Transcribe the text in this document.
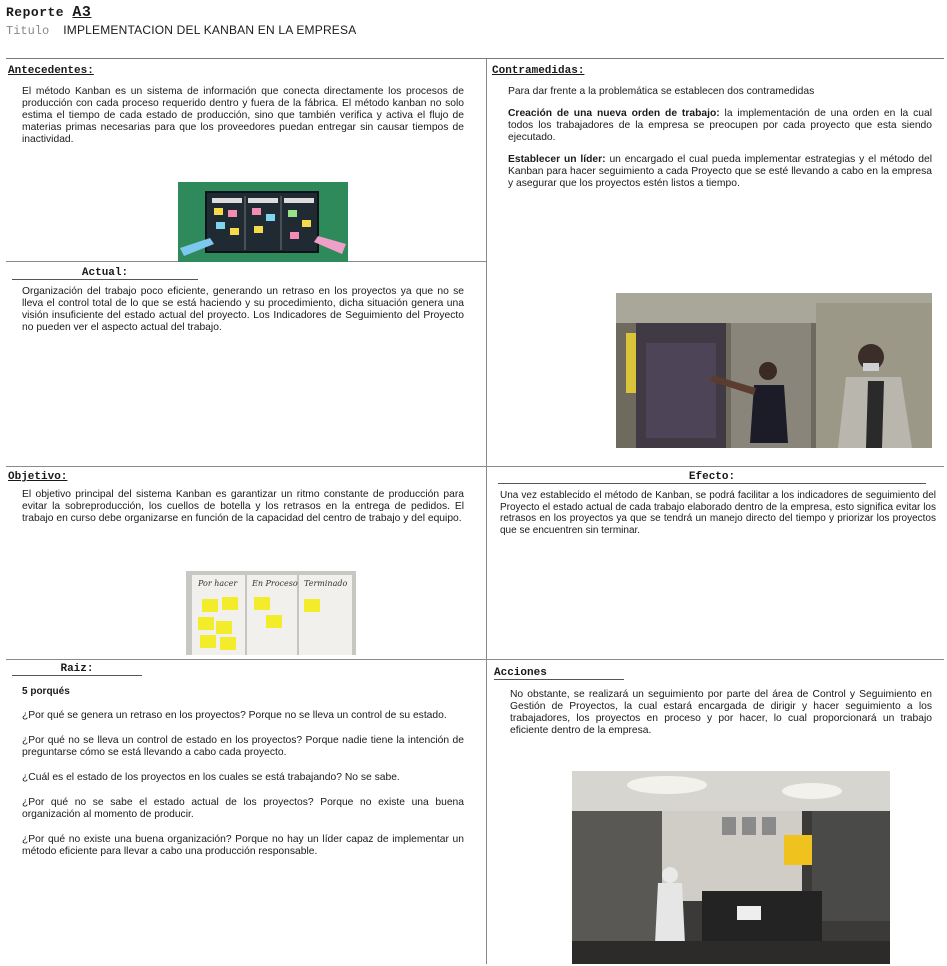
Reporte A3
Titulo IMPLEMENTACION DEL KANBAN EN LA EMPRESA
Antecedentes:
El método Kanban es un sistema de información que conecta directamente los procesos de producción con cada proceso requerido dentro y fuera de la fábrica. El método kanban no solo estima el tiempo de cada estado de producción, sino que también verifica y activa el flujo de materias primas necesarias para que los proveedores puedan entregar sin causar tiempos de inactividad.
Contramedidas:
Para dar frente a la problemática se establecen dos contramedidas
Creación de una nueva orden de trabajo: la implementación de una orden en la cual todos los trabajadores de la empresa se preocupen por cada proyecto que esta siendo ejecutado.
Establecer un líder: un encargado el cual pueda implementar estrategias y el método del Kanban para hacer seguimiento a cada Proyecto que se esté llevando a cabo en la empresa y asegurar que los proyectos estén listos a tiempo.
Actual:
Organización del trabajo poco eficiente, generando un retraso en los proyectos ya que no se lleva el control total de lo que se está haciendo y su procedimiento, dicha situación genera una visión insuficiente del estado actual del proyecto. Los Indicadores de Seguimiento del Proyecto no pueden ver el aspecto actual del trabajo.
Objetivo:
El objetivo principal del sistema Kanban es garantizar un ritmo constante de producción para evitar la sobreproducción, los cuellos de botella y los retrasos en la entrega de pedidos. El trabajo en curso debe organizarse en función de la capacidad del centro de trabajo y del equipo.
Por hacer En Proceso Terminado
Efecto:
Una vez establecido el método de Kanban, se podrá facilitar a los indicadores de seguimiento del Proyecto el estado actual de cada trabajo elaborado dentro de la empresa, esto significa evitar los retrasos en los proyectos ya que se tendrá un manejo directo del tiempo y priorizar los proyectos que se encuentren sin terminar.
Raiz:
5 porqués
¿Por qué se genera un retraso en los proyectos? Porque no se lleva un control de su estado.
¿Por qué no se lleva un control de estado en los proyectos? Porque nadie tiene la intención de preguntarse cómo se está llevando a cabo cada proyecto.
¿Cuál es el estado de los proyectos en los cuales se está trabajando? No se sabe.
¿Por qué no se sabe el estado actual de los proyectos? Porque no existe una buena organización al momento de producir.
¿Por qué no existe una buena organización? Porque no hay un líder capaz de implementar un método eficiente para llevar a cabo una producción responsable.
Acciones
No obstante, se realizará un seguimiento por parte del área de Control y Seguimiento en Gestión de Proyectos, la cual estará encargada de dirigir y hacer seguimiento a los trabajadores, los proyectos en proceso y por hacer, lo cual proporcionará un trabajo eficiente dentro de la empresa.
